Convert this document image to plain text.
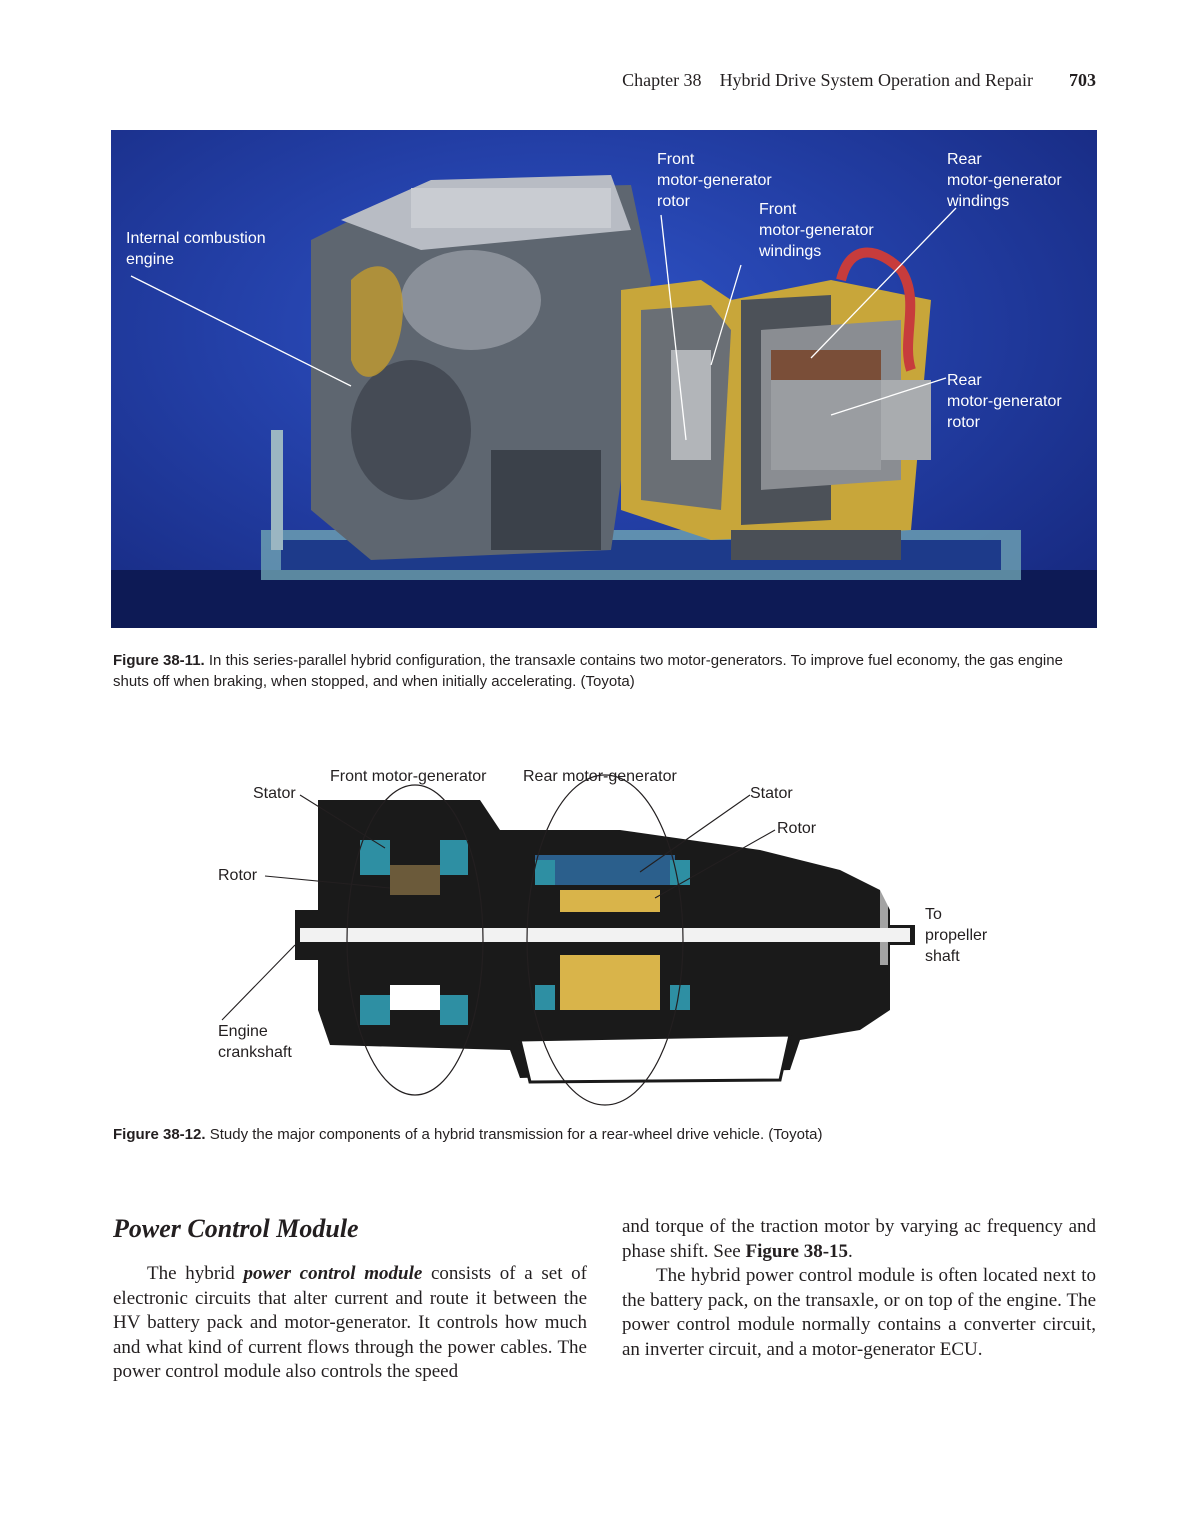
Chapter 38 Hybrid Drive System Operation and Repair 703
Internal combustion
engine
Front
motor-generator
rotor	Front
motor-generator
windings
Rear
motor-generator
windings
Rear
motor-generator
rotor
Figure 38-11. In this series-parallel hybrid configuration, the transaxle contains two motor-generators. To improve fuel economy, the gas engine shuts off when braking, when stopped, and when initially accelerating. (Toyota)
Front motor-generator Rear motor-generator
Stator	Stator
Rotor
Rotor
To
propeller
shaft
Engine
crankshaft
Figure 38-12. Study the major components of a hybrid transmission for a rear-wheel drive vehicle. (Toyota)
Power Control Module

The hybrid power control module consists of a set of electronic circuits that alter current and route it between the HV battery pack and motor-generator. It controls how much and what kind of current flows through the power cables. The power control module also controls the speed

and torque of the traction motor by varying ac frequency and phase shift. See Figure 38-15.

The hybrid power control module is often located next to the battery pack, on the transaxle, or on top of the engine. The power control module normally contains a converter circuit, an inverter circuit, and a motor-generator ECU.
